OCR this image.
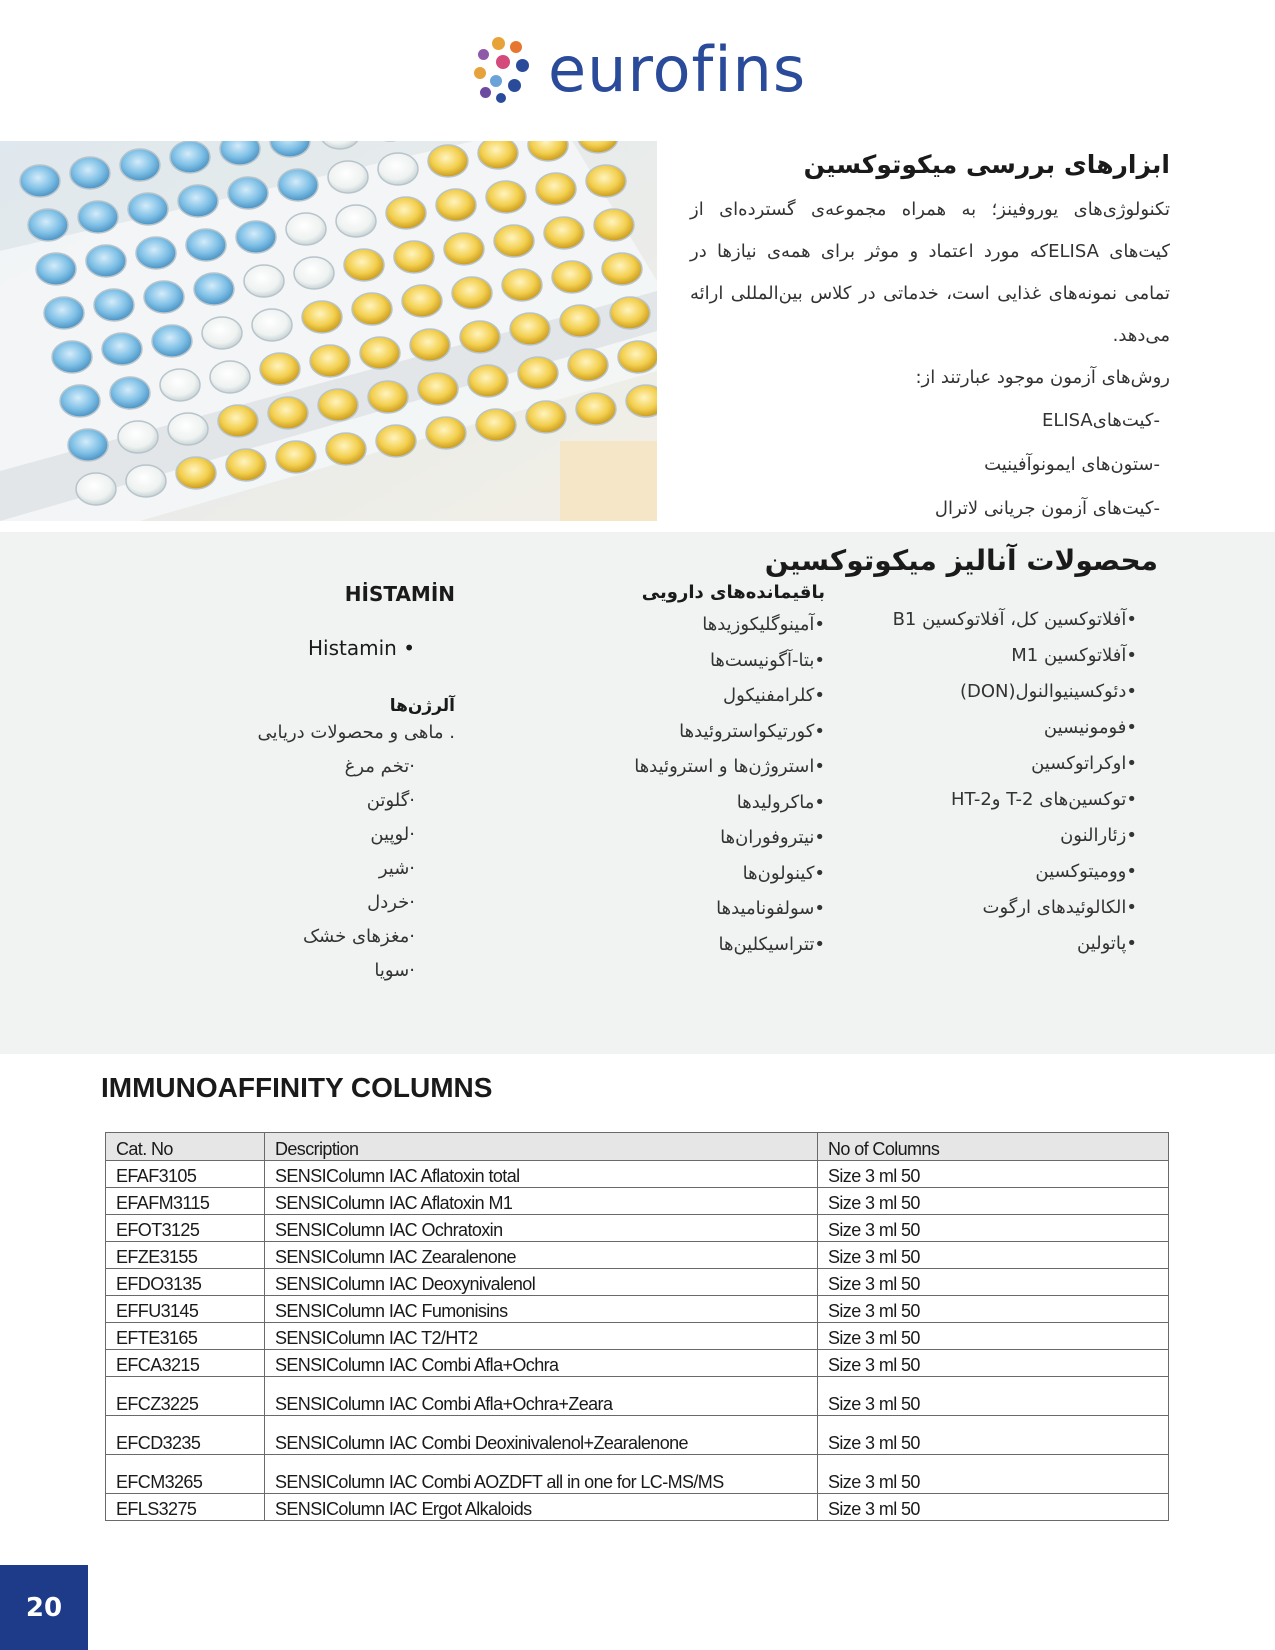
eurofins
ابزارهای بررسی میکوتوکسین

تکنولوژی‌های یوروفینز؛ به همراه مجموعه‌ی گسترده‌ای از کیت‌های ELISAکه مورد اعتماد و موثر برای همه‌ی نیازها در تمامی نمونه‌های غذایی است، خدماتی در کلاس بین‌المللی ارائه می‌دهد.

روش‌های آزمون موجود عبارتند از:

-کیت‌هایELISA
-ستون‌های ایمونوآفینیت
-کیت‌های آزمون جریانی لاترال
محصولات آنالیز میکوتوکسین
•آفلاتوکسین کل، آفلاتوکسین B1
•آفلاتوکسین M1
•دئوکسینیوالنول(DON)
•فومونیسین
•اوکراتوکسین
•توکسین‌های T-2 وHT-2
•زئارالنون
•وومیتوکسین
•الکالوئیدهای ارگوت
•پاتولین
باقیمانده‌های دارویی
•آمینوگلیکوزیدها
•بتا-آگونیست‌ها
•کلرامفنیکول
•کورتیکواستروئیدها
•استروژن‌ها و استروئیدها
•ماکرولیدها
•نیتروفوران‌ها
•کینولون‌ها
•سولفونامیدها
•تتراسیکلین‌ها
HİSTAMİN
Histamin •
آلرژن‌ها
. ماهی و محصولات دریایی
·تخم مرغ
·گلوتن
·لوپین
·شیر
·خردل
·مغزهای خشک
·سویا
IMMUNOAFFINITY COLUMNS
Cat. No	Description	No of Columns
EFAF3105	SENSIColumn IAC Aflatoxin total	Size 3 ml 50
EFAFM3115	SENSIColumn IAC Aflatoxin M1	Size 3 ml 50
EFOT3125	SENSIColumn IAC Ochratoxin	Size 3 ml 50
EFZE3155	SENSIColumn IAC Zearalenone	Size 3 ml 50
EFDO3135	SENSIColumn IAC Deoxynivalenol	Size 3 ml 50
EFFU3145	SENSIColumn IAC Fumonisins	Size 3 ml 50
EFTE3165	SENSIColumn IAC T2/HT2	Size 3 ml 50
EFCA3215	SENSIColumn IAC Combi Afla+Ochra	Size 3 ml 50
EFCZ3225	SENSIColumn IAC Combi Afla+Ochra+Zeara	Size 3 ml 50
EFCD3235	SENSIColumn IAC Combi Deoxinivalenol+Zearalenone	Size 3 ml 50
EFCM3265	SENSIColumn IAC Combi AOZDFT all in one for LC-MS/MS	Size 3 ml 50
EFLS3275	SENSIColumn IAC Ergot Alkaloids	Size 3 ml 50
20
